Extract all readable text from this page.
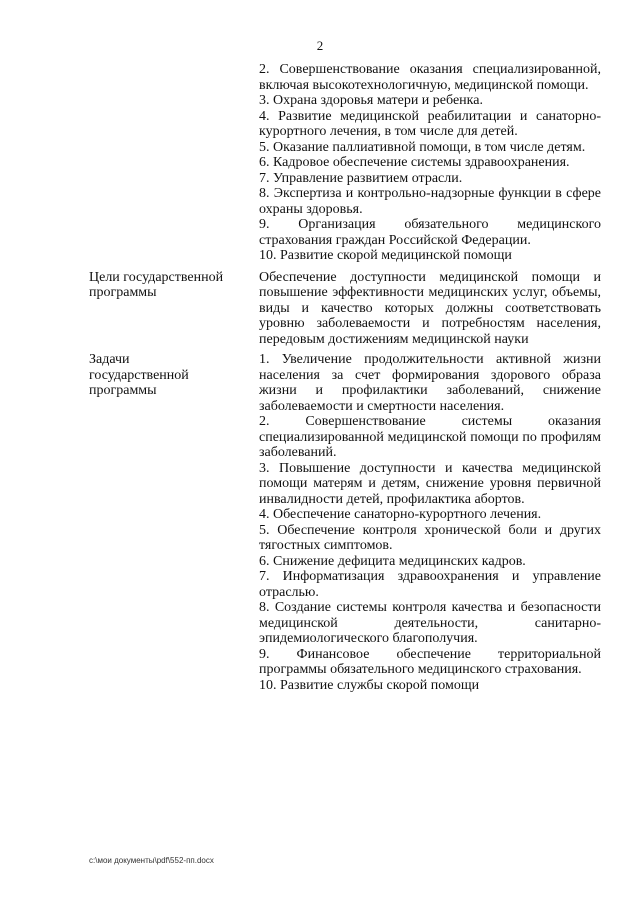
2

2. Совершенствование оказания специализированной, включая высокотехнологичную, медицинской помощи.

3. Охрана здоровья матери и ребенка.

4. Развитие медицинской реабилитации и санаторно-курортного лечения, в том числе для детей.

5. Оказание паллиативной помощи, в том числе детям.

6. Кадровое обеспечение системы здравоохранения.

7. Управление развитием отрасли.

8. Экспертиза и контрольно-надзорные функции в сфере охраны здоровья.

9. Организация обязательного медицинского страхования граждан Российской Федерации.

10. Развитие скорой медицинской помощи

Цели государственной программы
Обеспечение доступности медицинской помощи и повышение эффективности медицинских услуг, объемы, виды и качество которых должны соответствовать уровню заболеваемости и потребностям населения, передовым достижениям медицинской науки
Задачи государственной программы

1. Увеличение продолжительности активной жизни населения за счет формирования здорового образа жизни и профилактики заболеваний, снижение заболеваемости и смертности населения.

2. Совершенствование системы оказания специализированной медицинской помощи по профилям заболеваний.

3. Повышение доступности и качества медицинской помощи матерям и детям, снижение уровня первичной инвалидности детей, профилактика абортов.

4. Обеспечение санаторно-курортного лечения.

5. Обеспечение контроля хронической боли и других тягостных симптомов.

6. Снижение дефицита медицинских кадров.

7. Информатизация здравоохранения и управление отраслью.

8. Создание системы контроля качества и безопасности медицинской деятельности, санитарно-эпидемиологического благополучия.

9. Финансовое обеспечение территориальной программы обязательного медицинского страхования.

10. Развитие службы скорой помощи

c:\мои документы\pdf\552-пп.docx
